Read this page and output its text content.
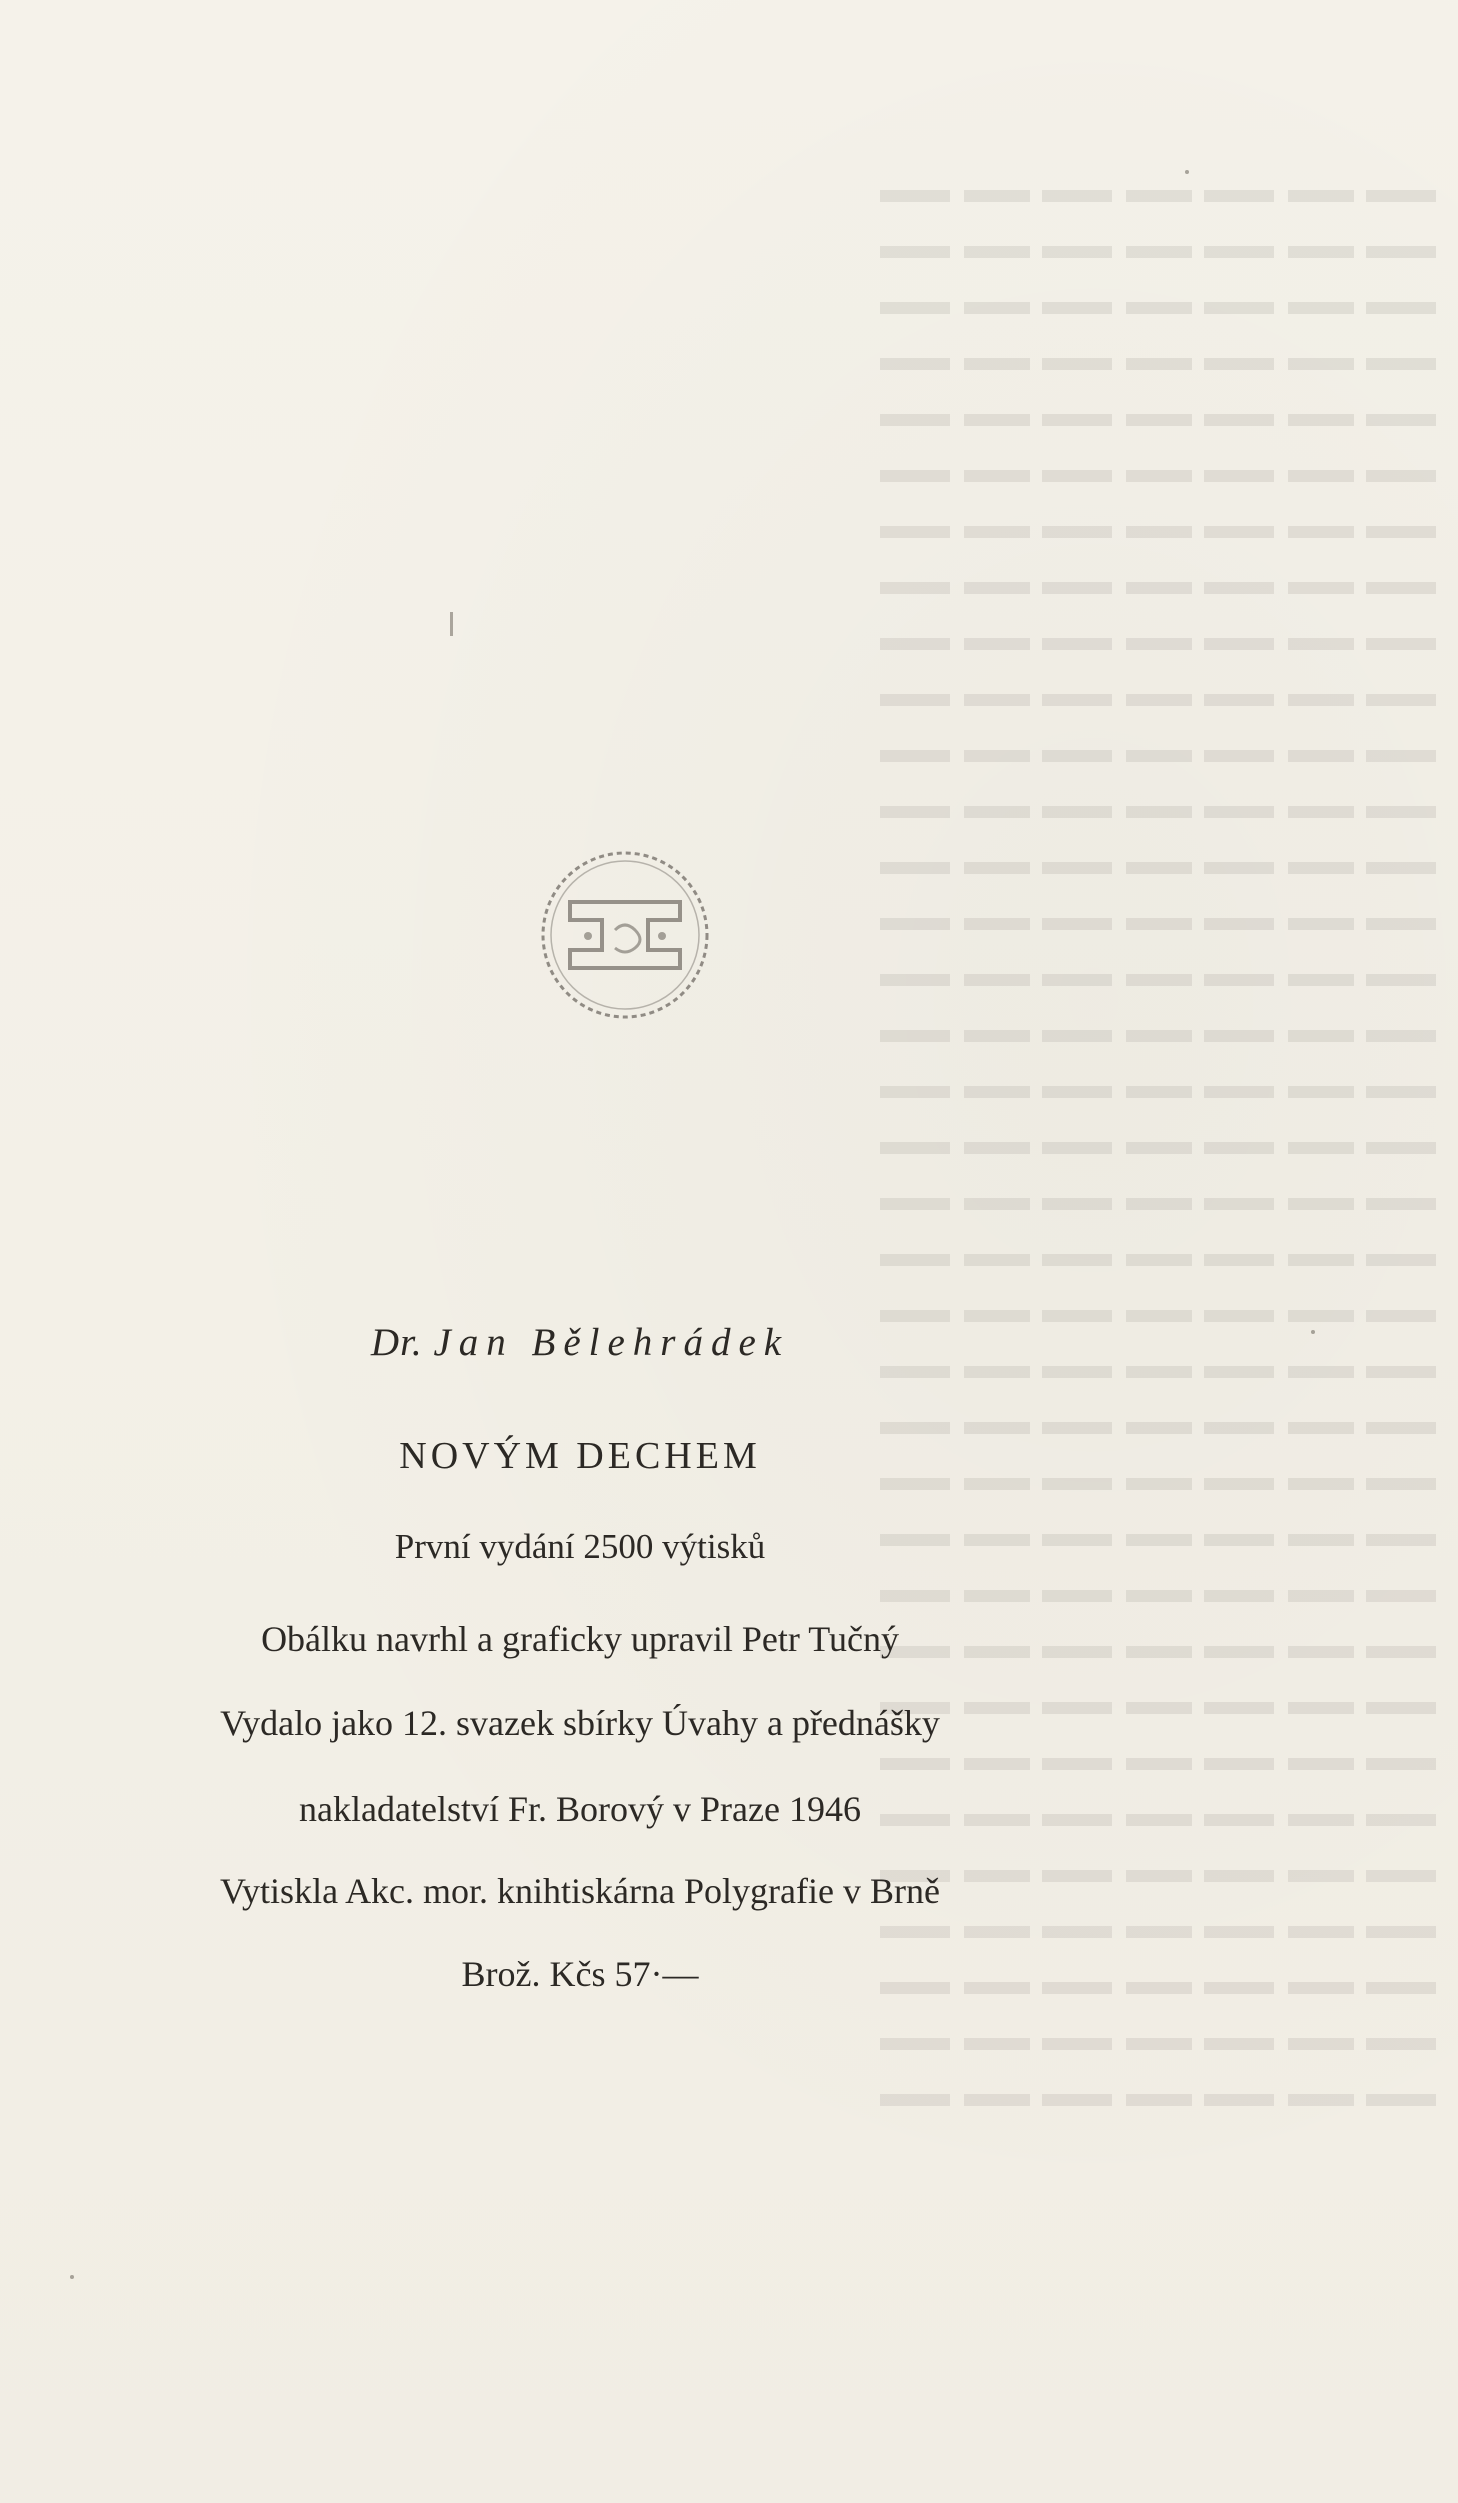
Dr. Jan Bělehrádek
NOVÝM DECHEM
První vydání 2500 výtisků
Obálku navrhl a graficky upravil Petr Tučný
Vydalo jako 12. svazek sbírky Úvahy a přednášky
nakladatelství Fr. Borový v Praze 1946
Vytiskla Akc. mor. knihtiskárna Polygrafie v Brně
Brož. Kčs 57·—
